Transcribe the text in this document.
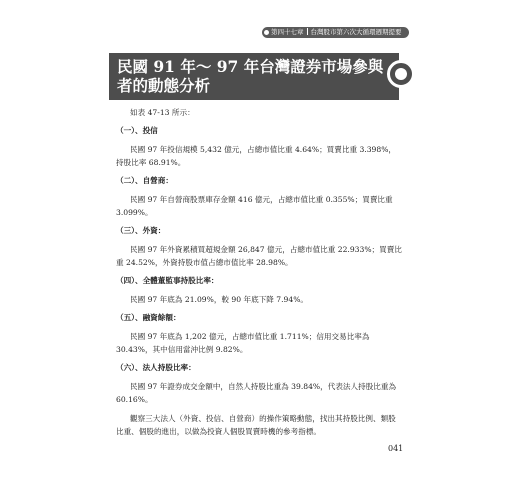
第四十七章 台灣股市第六次大循環週期提要
民國 91 年～ 97 年台灣證券市場參與者的動態分析

如表 47-13 所示：

（一）、投信

民國 97 年投信規模 5,432 億元，占總市值比重 4.64%；買賣比重 3.398%，持股比率 68.91%。

（二）、自營商：

民國 97 年自營商股票庫存金額 416 億元，占總市值比重 0.355%；買賣比重 3.099%。

（三）、外資：

民國 97 年外資累積買超規金額 26,847 億元，占總市值比重 22.933%；買賣比重 24.52%，外資持股市值占總市值比率 28.98%。

（四）、全體董監事持股比率：

民國 97 年底為 21.09%，較 90 年底下降 7.94%。

（五）、融資餘額：

民國 97 年底為 1,202 億元，占總市值比重 1.711%；信用交易比率為 30.43%，其中信用當沖比例 9.82%。

（六）、法人持股比率：

民國 97 年證券成交金額中，自然人持股比重為 39.84%，代表法人持股比重為 60.16%。

觀察三大法人（外資、投信、自營商）的操作策略動態，找出其持股比例、類股比重、個股的進出，以做為投資人個股買賣時機的參考指標。

041
